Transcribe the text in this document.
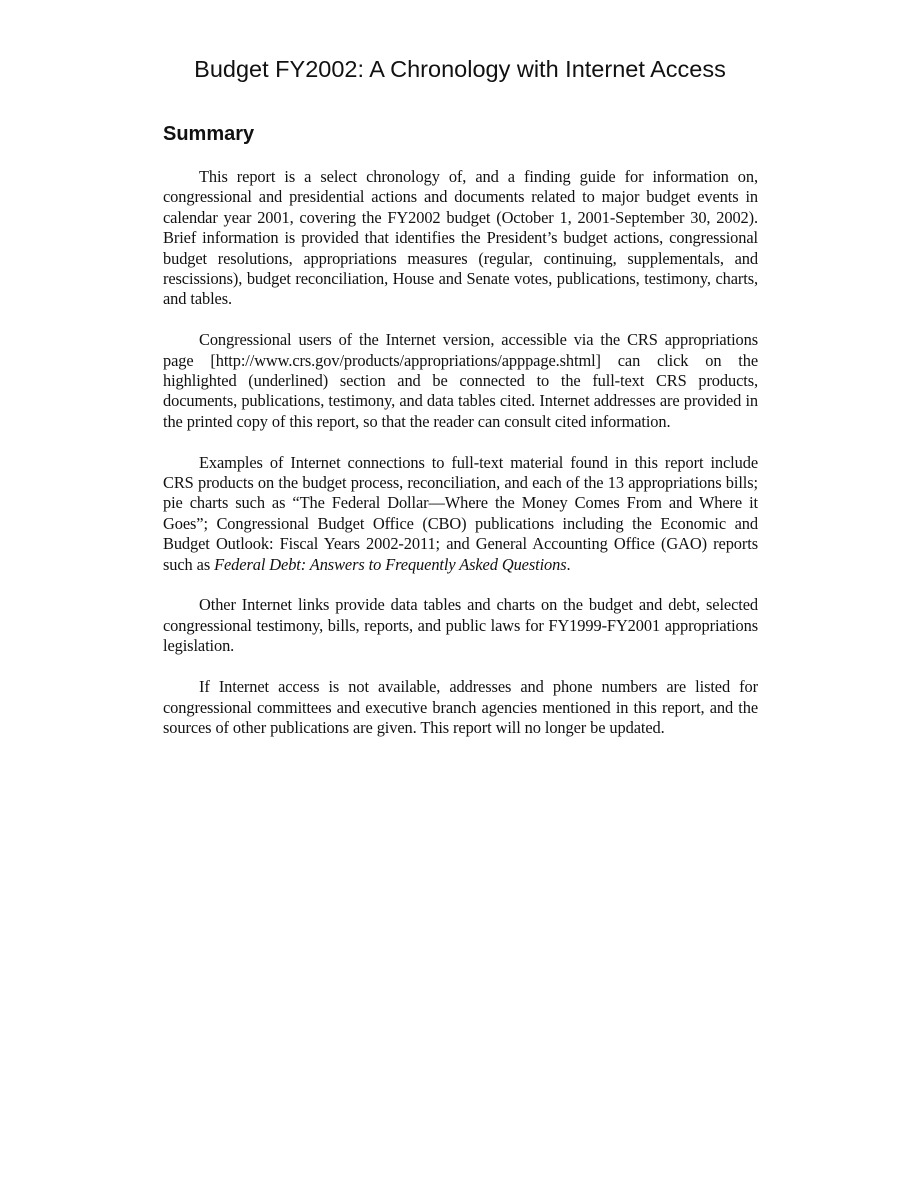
Budget FY2002: A Chronology with Internet Access
Summary

This report is a select chronology of, and a finding guide for information on, congressional and presidential actions and documents related to major budget events in calendar year 2001, covering the FY2002 budget (October 1, 2001-September 30, 2002). Brief information is provided that identifies the President’s budget actions, congressional budget resolutions, appropriations measures (regular, continuing, supplementals, and rescissions), budget reconciliation, House and Senate votes, publications, testimony, charts, and tables.

Congressional users of the Internet version, accessible via the CRS appropriations page [http://www.crs.gov/products/appropriations/apppage.shtml] can click on the highlighted (underlined) section and be connected to the full-text CRS products, documents, publications, testimony, and data tables cited. Internet addresses are provided in the printed copy of this report, so that the reader can consult cited information.

Examples of Internet connections to full-text material found in this report include CRS products on the budget process, reconciliation, and each of the 13 appropriations bills; pie charts such as “The Federal Dollar—Where the Money Comes From and Where it Goes”; Congressional Budget Office (CBO) publications including the Economic and Budget Outlook: Fiscal Years 2002-2011; and General Accounting Office (GAO) reports such as Federal Debt: Answers to Frequently Asked Questions.

Other Internet links provide data tables and charts on the budget and debt, selected congressional testimony, bills, reports, and public laws for FY1999-FY2001 appropriations legislation.

If Internet access is not available, addresses and phone numbers are listed for congressional committees and executive branch agencies mentioned in this report, and the sources of other publications are given. This report will no longer be updated.
